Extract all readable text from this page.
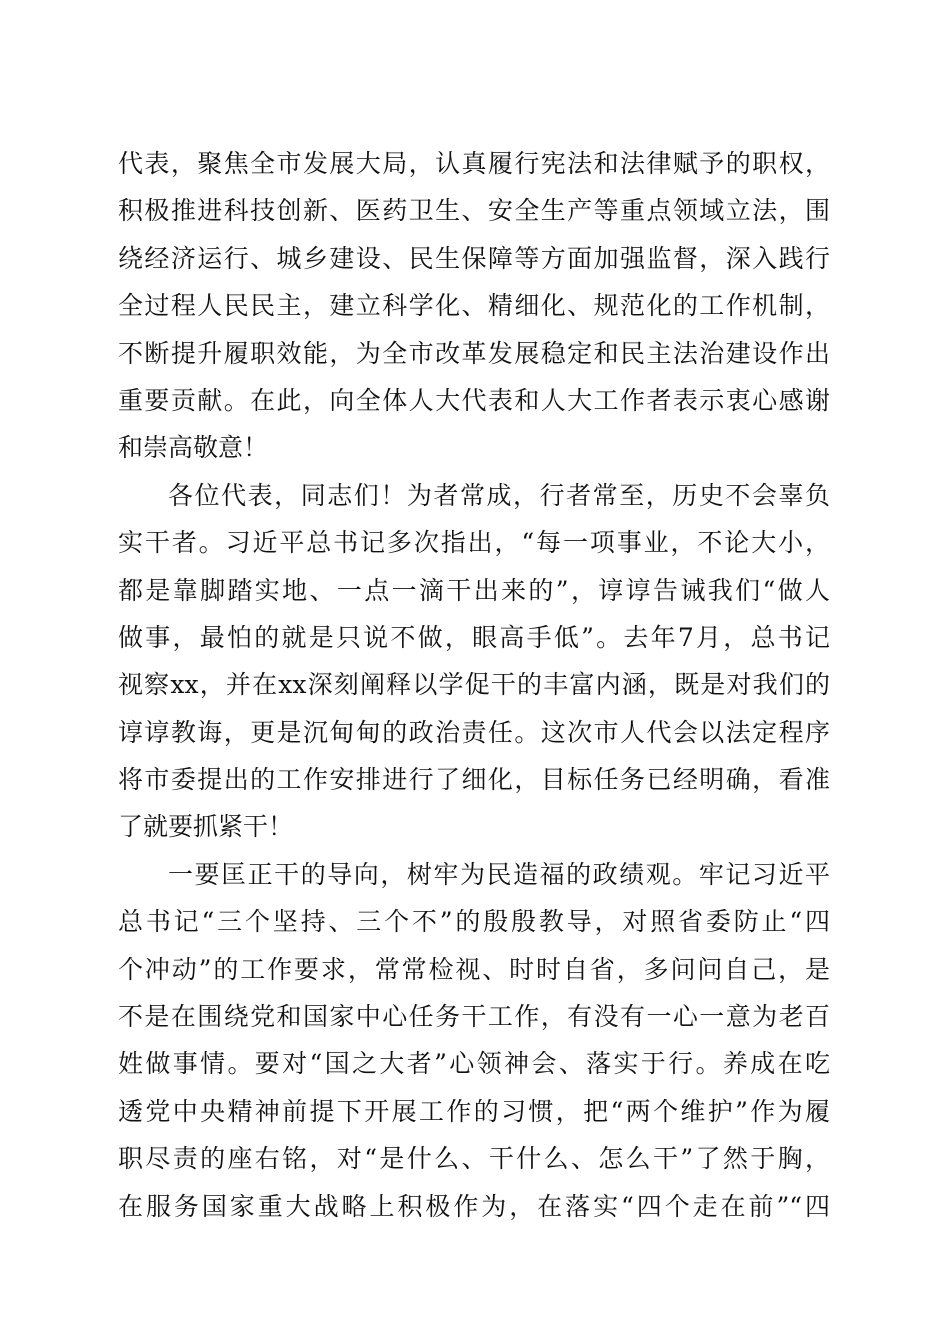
代表，聚焦全市发展大局，认真履行宪法和法律赋予的职权，
积极推进科技创新、医药卫生、安全生产等重点领域立法，围
绕经济运行、城乡建设、民生保障等方面加强监督，深入践行
全过程人民民主，建立科学化、精细化、规范化的工作机制，
不断提升履职效能，为全市改革发展稳定和民主法治建设作出
重要贡献。在此，向全体人大代表和人大工作者表示衷心感谢
和崇高敬意！
各位代表，同志们！为者常成，行者常至，历史不会辜负
实干者。习近平总书记多次指出，“每一项事业，不论大小，
都是靠脚踏实地、一点一滴干出来的”，谆谆告诫我们“做人
做事，最怕的就是只说不做，眼高手低”。去年7月，总书记
视察xx，并在xx深刻阐释以学促干的丰富内涵，既是对我们的
谆谆教诲，更是沉甸甸的政治责任。这次市人代会以法定程序
将市委提出的工作安排进行了细化，目标任务已经明确，看准
了就要抓紧干！
一要匡正干的导向，树牢为民造福的政绩观。牢记习近平
总书记“三个坚持、三个不”的殷殷教导，对照省委防止“四
个冲动”的工作要求，常常检视、时时自省，多问问自己，是
不是在围绕党和国家中心任务干工作，有没有一心一意为老百
姓做事情。要对“国之大者”心领神会、落实于行。养成在吃
透党中央精神前提下开展工作的习惯，把“两个维护”作为履
职尽责的座右铭，对“是什么、干什么、怎么干”了然于胸，
在服务国家重大战略上积极作为，在落实“四个走在前”“四
